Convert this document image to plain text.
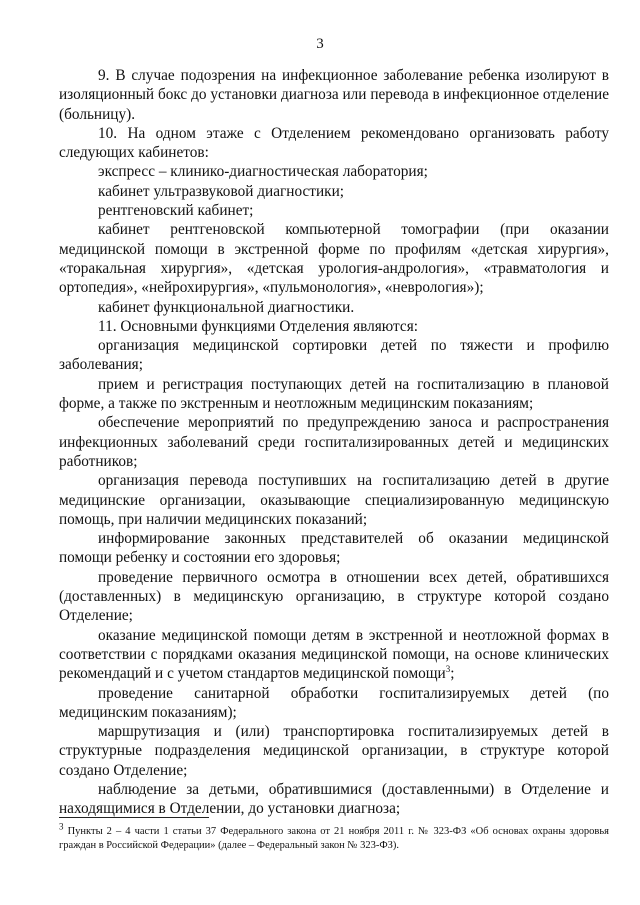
3

9. В случае подозрения на инфекционное заболевание ребенка изолируют в изоляционный бокс до установки диагноза или перевода в инфекционное отделение (больницу).

10. На одном этаже с Отделением рекомендовано организовать работу следующих кабинетов:

экспресс – клинико-диагностическая лаборатория;

кабинет ультразвуковой диагностики;

рентгеновский кабинет;

кабинет рентгеновской компьютерной томографии (при оказании медицинской помощи в экстренной форме по профилям «детская хирургия», «торакальная хирургия», «детская урология-андрология», «травматология и ортопедия», «нейрохирургия», «пульмонология», «неврология»);

кабинет функциональной диагностики.

11. Основными функциями Отделения являются:

организация медицинской сортировки детей по тяжести и профилю заболевания;

прием и регистрация поступающих детей на госпитализацию в плановой форме, а также по экстренным и неотложным медицинским показаниям;

обеспечение мероприятий по предупреждению заноса и распространения инфекционных заболеваний среди госпитализированных детей и медицинских работников;

организация перевода поступивших на госпитализацию детей в другие медицинские организации, оказывающие специализированную медицинскую помощь, при наличии медицинских показаний;

информирование законных представителей об оказании медицинской помощи ребенку и состоянии его здоровья;

проведение первичного осмотра в отношении всех детей, обратившихся (доставленных) в медицинскую организацию, в структуре которой создано Отделение;

оказание медицинской помощи детям в экстренной и неотложной формах в соответствии с порядками оказания медицинской помощи, на основе клинических рекомендаций и с учетом стандартов медицинской помощи$^3$;

проведение санитарной обработки госпитализируемых детей (по медицинским показаниям);

маршрутизация и (или) транспортировка госпитализируемых детей в структурные подразделения медицинской организации, в структуре которой создано Отделение;

наблюдение за детьми, обратившимися (доставленными) в Отделение и находящимися в Отделении, до установки диагноза;

$^3$ Пункты 2 – 4 части 1 статьи 37 Федерального закона от 21 ноября 2011 г. № 323-ФЗ «Об основах охраны здоровья граждан в Российской Федерации» (далее – Федеральный закон № 323-ФЗ).
